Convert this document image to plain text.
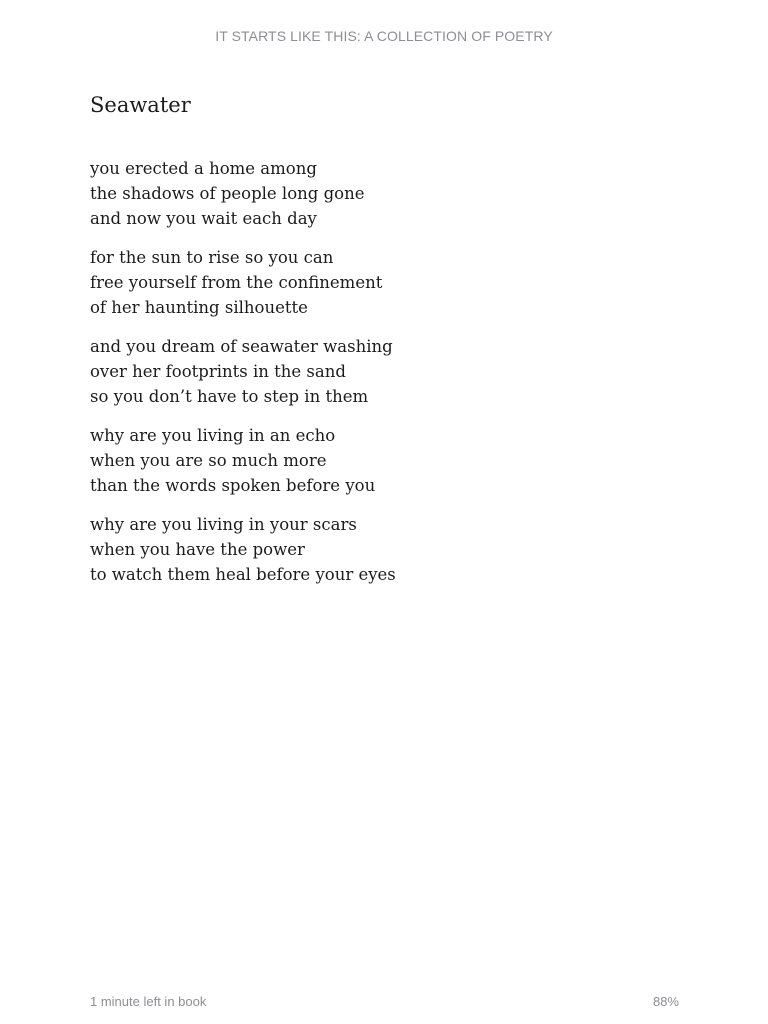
IT STARTS LIKE THIS: A COLLECTION OF POETRY
Seawater
you erected a home among
the shadows of people long gone
and now you wait each day
for the sun to rise so you can
free yourself from the confinement
of her haunting silhouette
and you dream of seawater washing
over her footprints in the sand
so you don’t have to step in them
why are you living in an echo
when you are so much more
than the words spoken before you
why are you living in your scars
when you have the power
to watch them heal before your eyes
1 minute left in book	88%
